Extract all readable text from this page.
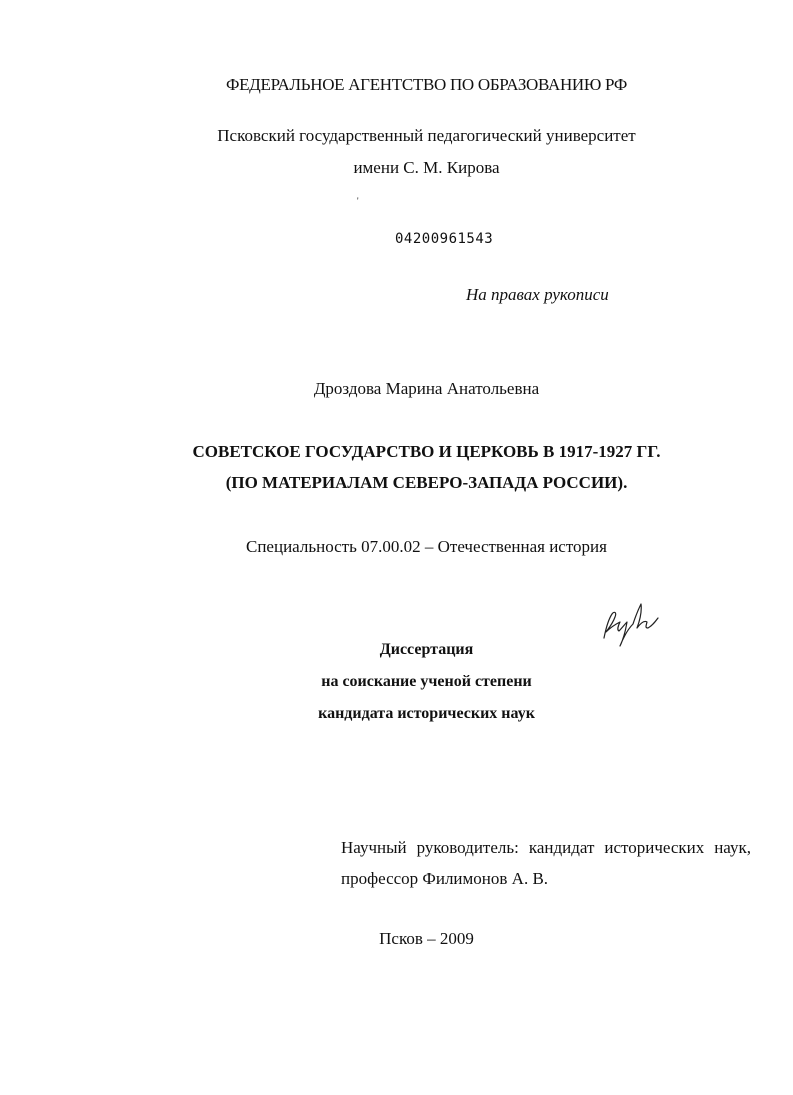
ФЕДЕРАЛЬНОЕ АГЕНТСТВО ПО ОБРАЗОВАНИЮ РФ
Псковский государственный педагогический университет
имени С. М. Кирова
'
04200961543
На правах рукописи
Дроздова Марина Анатольевна
СОВЕТСКОЕ ГОСУДАРСТВО И ЦЕРКОВЬ В 1917-1927 ГГ.
(ПО МАТЕРИАЛАМ СЕВЕРО-ЗАПАДА РОССИИ).
Специальность 07.00.02 – Отечественная история
Диссертация
на соискание ученой степени
кандидата исторических наук
Научный руководитель: кандидат исторических наук, профессор Филимонов А. В.
Псков – 2009
